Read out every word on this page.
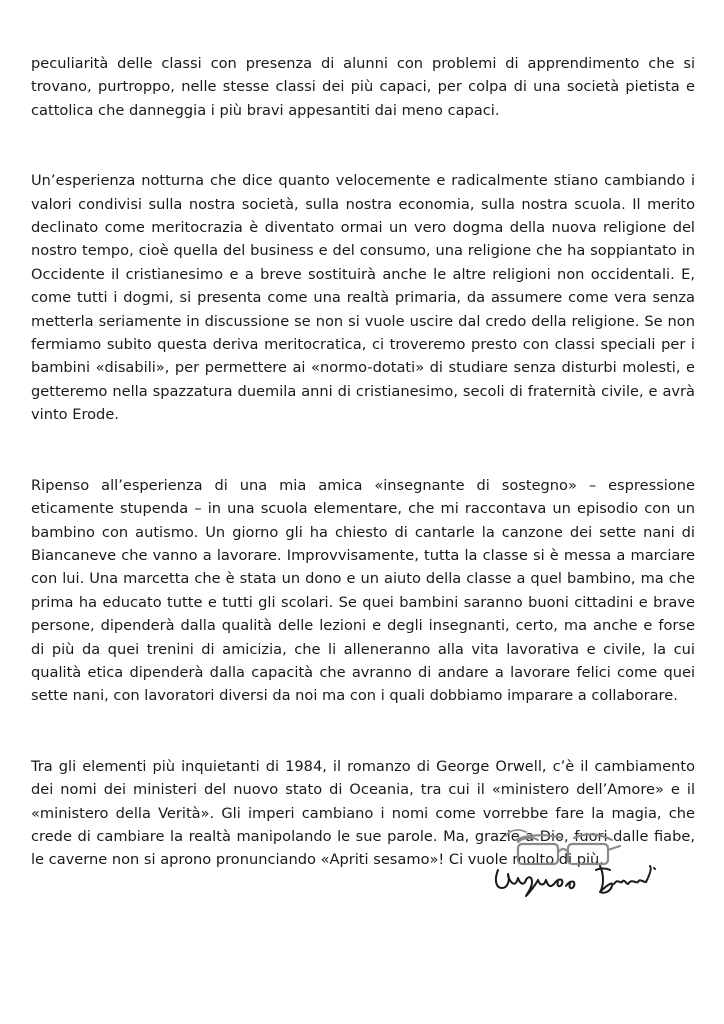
peculiarità delle classi con presenza di alunni con problemi di apprendimento che si trovano, purtroppo, nelle stesse classi dei più capaci, per colpa di una società pietista e cattolica che danneggia i più bravi appesantiti dai meno capaci.

Un’esperienza notturna che dice quanto velocemente e radicalmente stiano cambiando i valori condivisi sulla nostra società, sulla nostra economia, sulla nostra scuola. Il merito declinato come meritocrazia è diventato ormai un vero dogma della nuova religione del nostro tempo, cioè quella del business e del consumo, una religione che ha soppiantato in Occidente il cristianesimo e a breve sostituirà anche le altre religioni non occidentali. E, come tutti i dogmi, si presenta come una realtà primaria, da assumere come vera senza metterla seriamente in discussione se non si vuole uscire dal credo della religione. Se non fermiamo subito questa deriva meritocratica, ci troveremo presto con classi speciali per i bambini «disabili», per permettere ai «normo-dotati» di studiare senza disturbi molesti, e getteremo nella spazzatura duemila anni di cristianesimo, secoli di fraternità civile, e avrà vinto Erode.

Ripenso all’esperienza di una mia amica «insegnante di sostegno» – espressione eticamente stupenda – in una scuola elementare, che mi raccontava un episodio con un bambino con autismo. Un giorno gli ha chiesto di cantarle la canzone dei sette nani di Biancaneve che vanno a lavorare. Improvvisamente, tutta la classe si è messa a marciare con lui. Una marcetta che è stata un dono e un aiuto della classe a quel bambino, ma che prima ha educato tutte e tutti gli scolari. Se quei bambini saranno buoni cittadini e brave persone, dipenderà dalla qualità delle lezioni e degli insegnanti, certo, ma anche e forse di più da quei trenini di amicizia, che li alleneranno alla vita lavorativa e civile, la cui qualità etica dipenderà dalla capacità che avranno di andare a lavorare felici come quei sette nani, con lavoratori diversi da noi ma con i quali dobbiamo imparare a collaborare.

Tra gli elementi più inquietanti di 1984, il romanzo di George Orwell, c’è il cambiamento dei nomi dei ministeri del nuovo stato di Oceania, tra cui il «ministero dell’Amore» e il «ministero della Verità». Gli imperi cambiano i nomi come vorrebbe fare la magia, che crede di cambiare la realtà manipolando le sue parole. Ma, grazie a Dio, fuori dalle fiabe, le caverne non si aprono pronunciando «Apriti sesamo»! Ci vuole molto di più.
